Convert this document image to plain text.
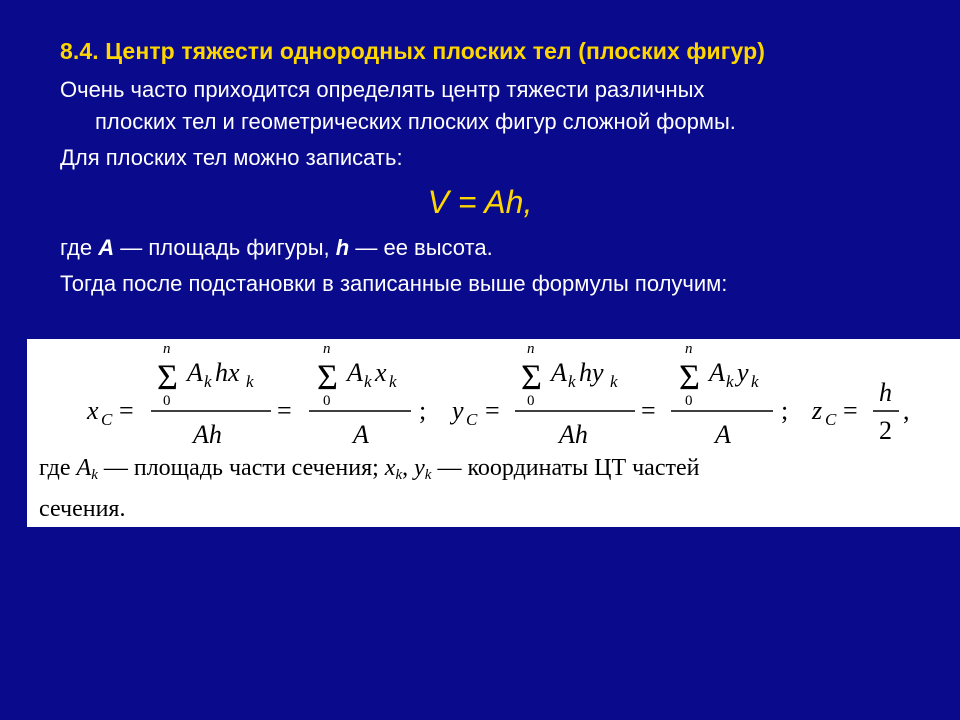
8.4. Центр тяжести однородных плоских тел (плоских фигур)
Очень часто приходится определять центр тяжести различных
плоских тел и геометрических плоских фигур сложной формы.
Для плоских тел можно записать:
V = Ah,
где A — площадь фигуры, h — ее высота.
Тогда после подстановки в записанные выше формулы получим:
x C =
n
Σ
0
A k hx k
Ah
=
n
Σ
0
A k x k
A
; y C =
n
Σ
0
A k hy k
Ah
=
n
Σ
0
A k y k
A
; z C =
h
2
,
где $A_k$ — площадь части сечения; $x_k$, $y_k$ — координаты ЦТ частей
сечения.
